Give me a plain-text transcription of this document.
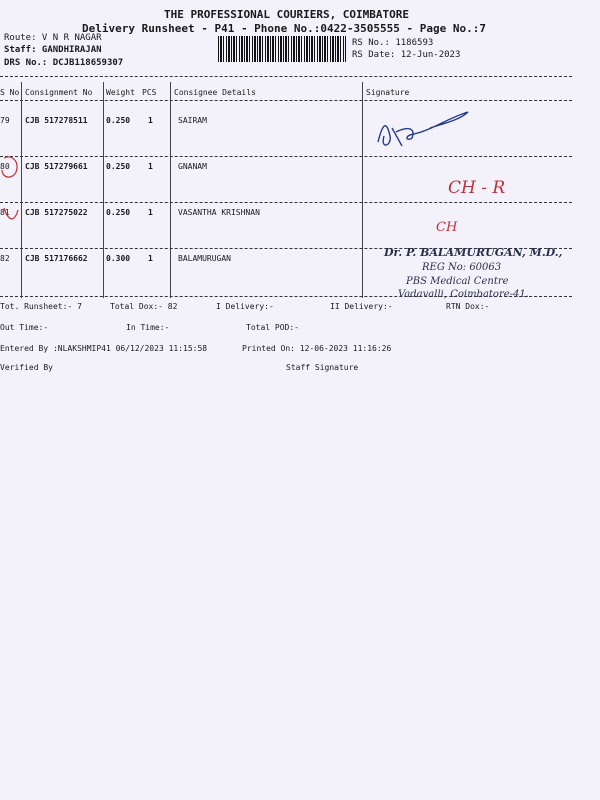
THE PROFESSIONAL COURIERS, COIMBATORE
Delivery Runsheet - P41 - Phone No.:0422-3505555 - Page No.:7
Route: V N R NAGAR
Staff: GANDHIRAJAN
DRS No.: DCJB118659307
RS No.: 1186593
RS Date: 12-Jun-2023
S No Consignment No Weight PCS Consignee Details	Signature
79 CJB 517278511 0.250 1	SAIRAM
80 CJB 517279661 0.250 1	GNANAM
81 CJB 517275022 0.250 1	VASANTHA KRISHNAN
82 CJB 517176662 0.300 1	BALAMURUGAN
CH - R
CH
Dr. P. BALAMURUGAN, M.D.,
REG No: 60063
PBS Medical Centre
Vadavalli, Coimbatore-41.
Tot. Runsheet:- 7	Total Dox:- 82	I Delivery:-	II Delivery:-	RTN Dox:-
Out Time:-	In Time:-	Total POD:-
Entered By :NLAKSHMIP41 06/12/2023 11:15:58	Printed On: 12-06-2023 11:16:26
Verified By	Staff Signature
